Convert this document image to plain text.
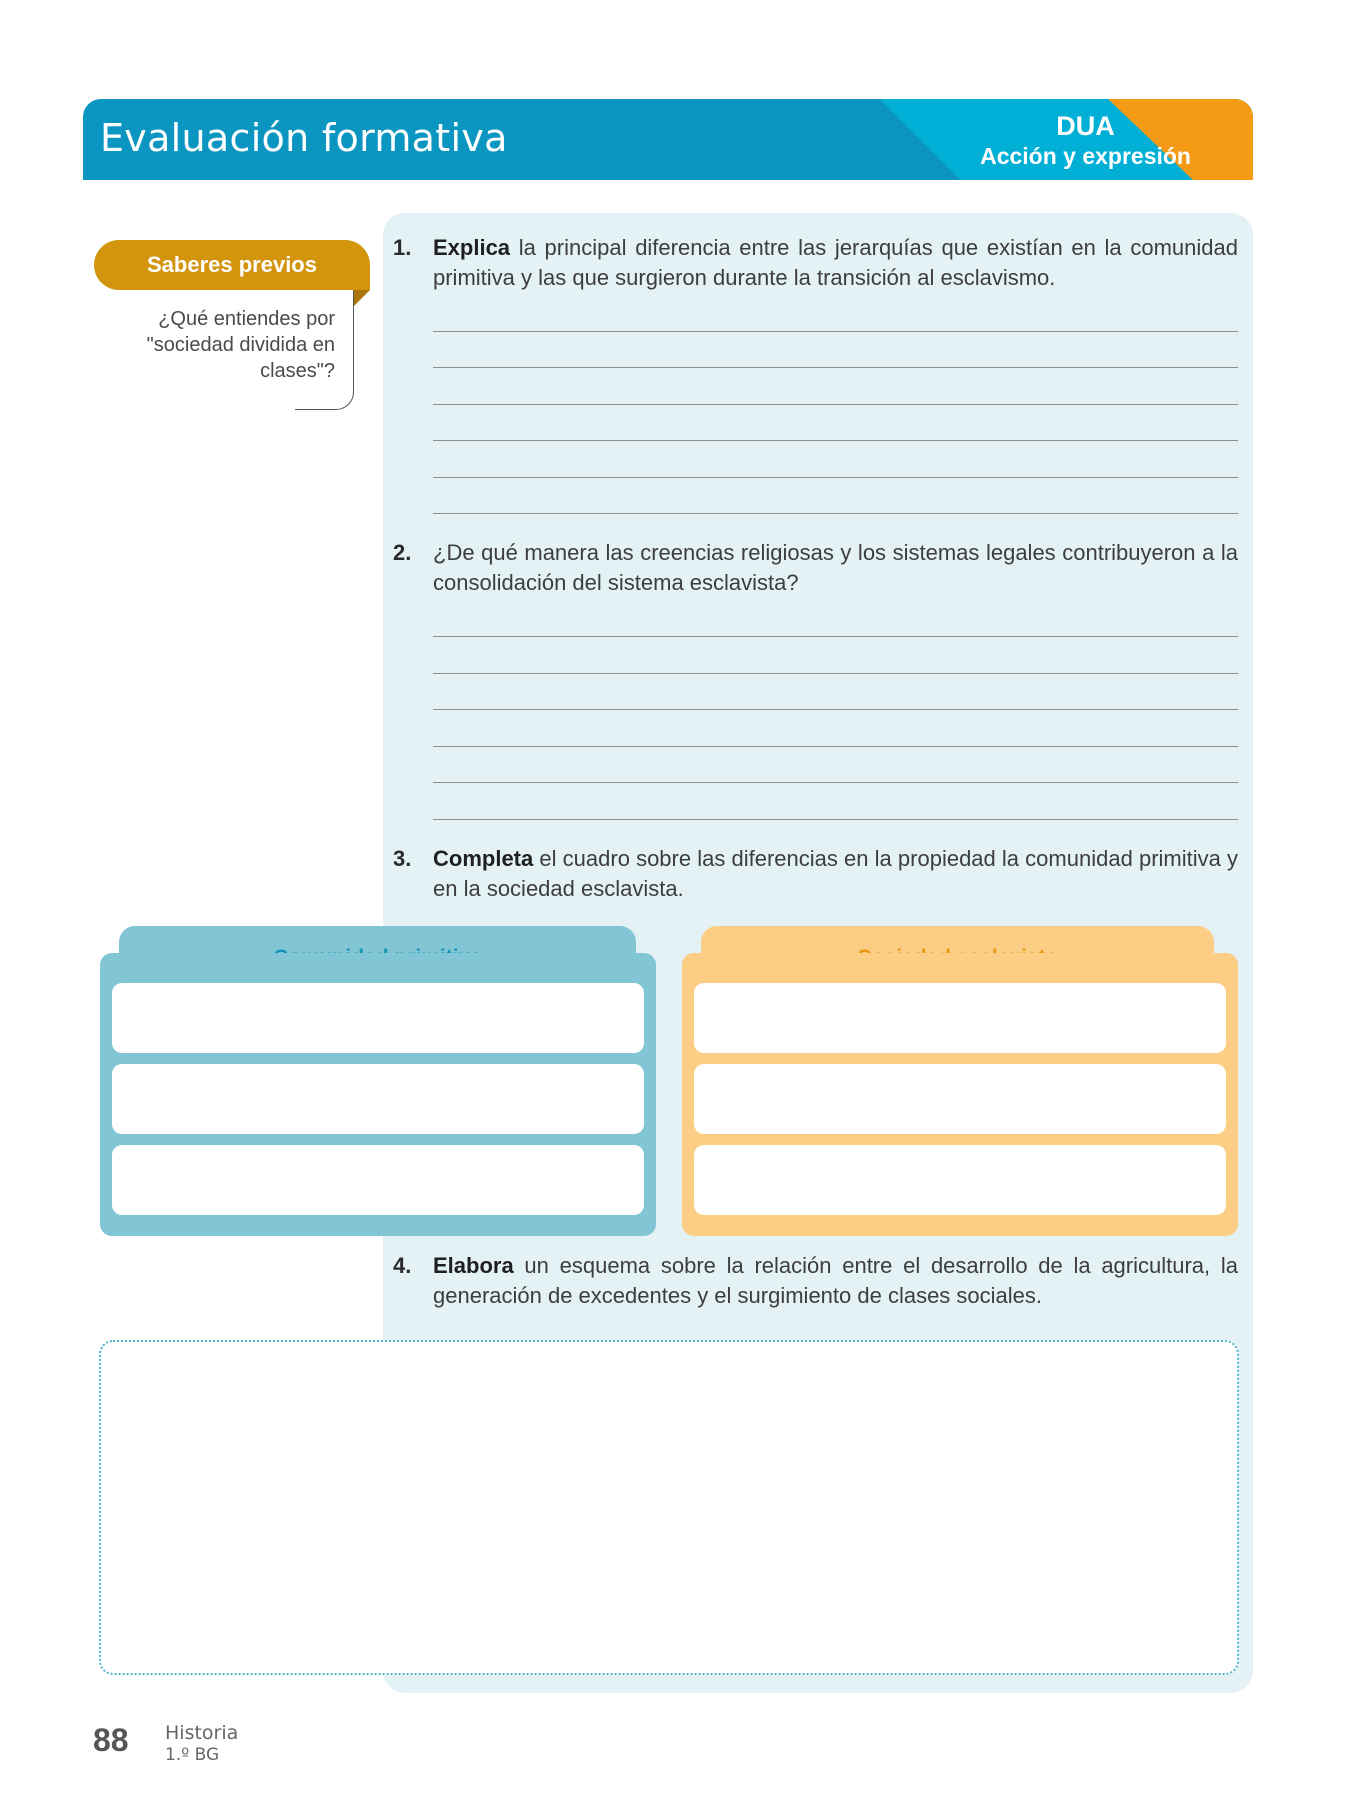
Evaluación formativa	DUA
Acción y expresión
Saberes previos
¿Qué entiendes por "sociedad dividida en clases"?
1. Explica la principal diferencia entre las jerarquías que existían en la comunidad primitiva y las que surgieron durante la transición al esclavismo.
2. ¿De qué manera las creencias religiosas y los sistemas legales contribuyeron a la consolidación del sistema esclavista?
3. Completa el cuadro sobre las diferencias en la propiedad la comunidad primitiva y en la sociedad esclavista.
4. Elabora un esquema sobre la relación entre el desarrollo de la agricultura, la generación de excedentes y el surgimiento de clases sociales.
88 Historia
1.º BG
